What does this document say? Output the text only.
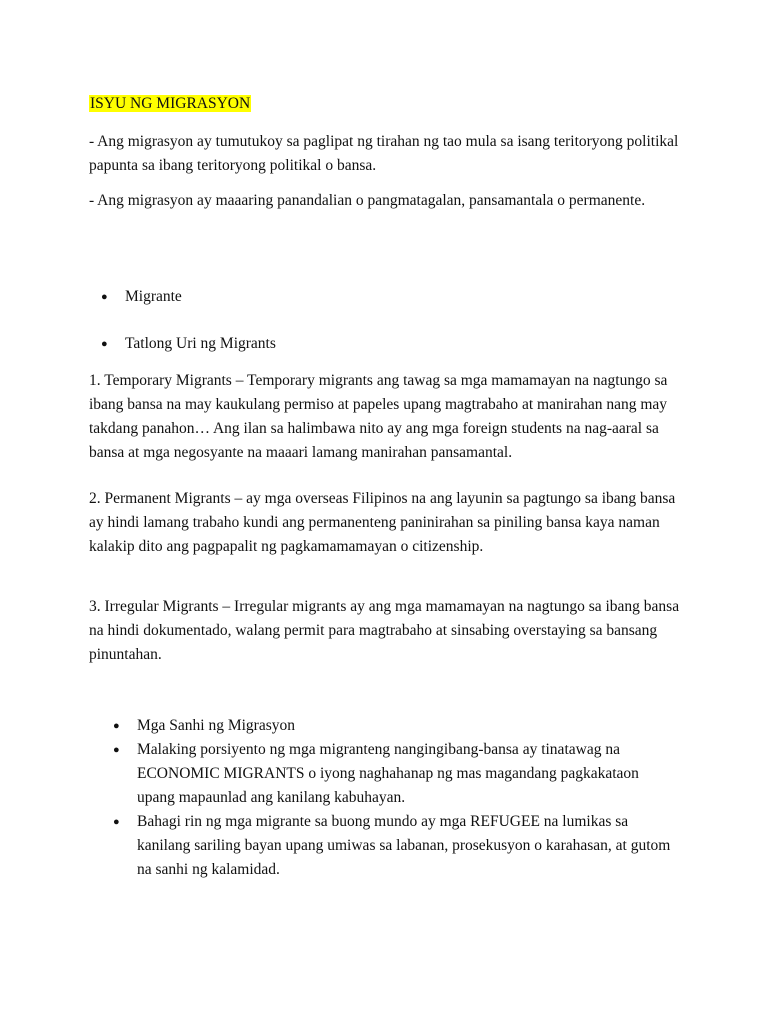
ISYU NG MIGRASYON

- Ang migrasyon ay tumutukoy sa paglipat ng tirahan ng tao mula sa isang teritoryong politikal papunta sa ibang teritoryong politikal o bansa.

- Ang migrasyon ay maaaring panandalian o pangmatagalan, pansamantala o permanente.

● Migrante
● Tatlong Uri ng Migrants

1. Temporary Migrants – Temporary migrants ang tawag sa mga mamamayan na nagtungo sa ibang bansa na may kaukulang permiso at papeles upang magtrabaho at manirahan nang may takdang panahon… Ang ilan sa halimbawa nito ay ang mga foreign students na nag-aaral sa bansa at mga negosyante na maaari lamang manirahan pansamantal.

2. Permanent Migrants – ay mga overseas Filipinos na ang layunin sa pagtungo sa ibang bansa ay hindi lamang trabaho kundi ang permanenteng paninirahan sa piniling bansa kaya naman kalakip dito ang pagpapalit ng pagkamamamayan o citizenship.

3. Irregular Migrants – Irregular migrants ay ang mga mamamayan na nagtungo sa ibang bansa na hindi dokumentado, walang permit para magtrabaho at sinsabing overstaying sa bansang pinuntahan.

● Mga Sanhi ng Migrasyon
● Malaking porsiyento ng mga migranteng nangingibang-bansa ay tinatawag na ECONOMIC MIGRANTS o iyong naghahanap ng mas magandang pagkakataon upang mapaunlad ang kanilang kabuhayan.
● Bahagi rin ng mga migrante sa buong mundo ay mga REFUGEE na lumikas sa kanilang sariling bayan upang umiwas sa labanan, prosekusyon o karahasan, at gutom na sanhi ng kalamidad.
